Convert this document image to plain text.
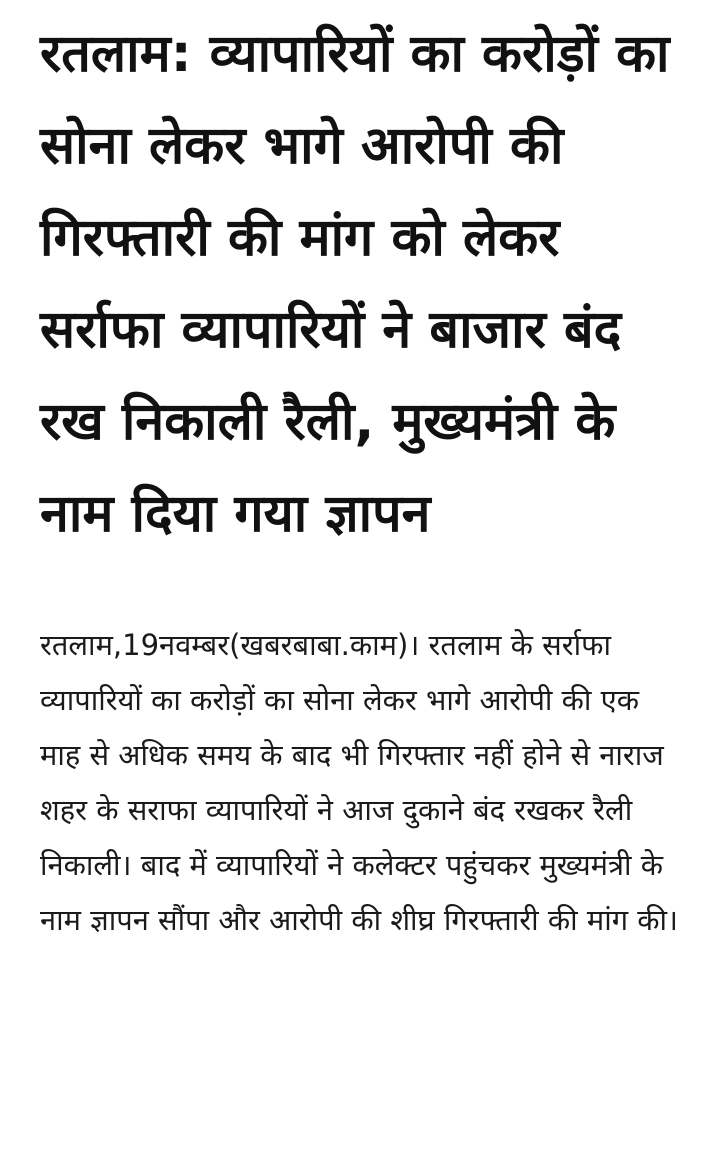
रतलाम: व्यापारियों का करोड़ों का सोना लेकर भागे आरोपी की गिरफ्तारी की मांग को लेकर सर्राफा व्यापारियों ने बाजार बंद रख निकाली रैली, मुख्यमंत्री के नाम दिया गया ज्ञापन

रतलाम,19नवम्बर(खबरबाबा.काम)। रतलाम के सर्राफा व्यापारियों का करोड़ों का सोना लेकर भागे आरोपी की एक माह से अधिक समय के बाद भी गिरफ्तार नहीं होने से नाराज शहर के सराफा व्यापारियों ने आज दुकाने बंद रखकर रैली निकाली। बाद में व्यापारियों ने कलेक्टर पहुंचकर मुख्यमंत्री के नाम ज्ञापन सौंपा और आरोपी की शीघ्र गिरफ्तारी की मांग की।
